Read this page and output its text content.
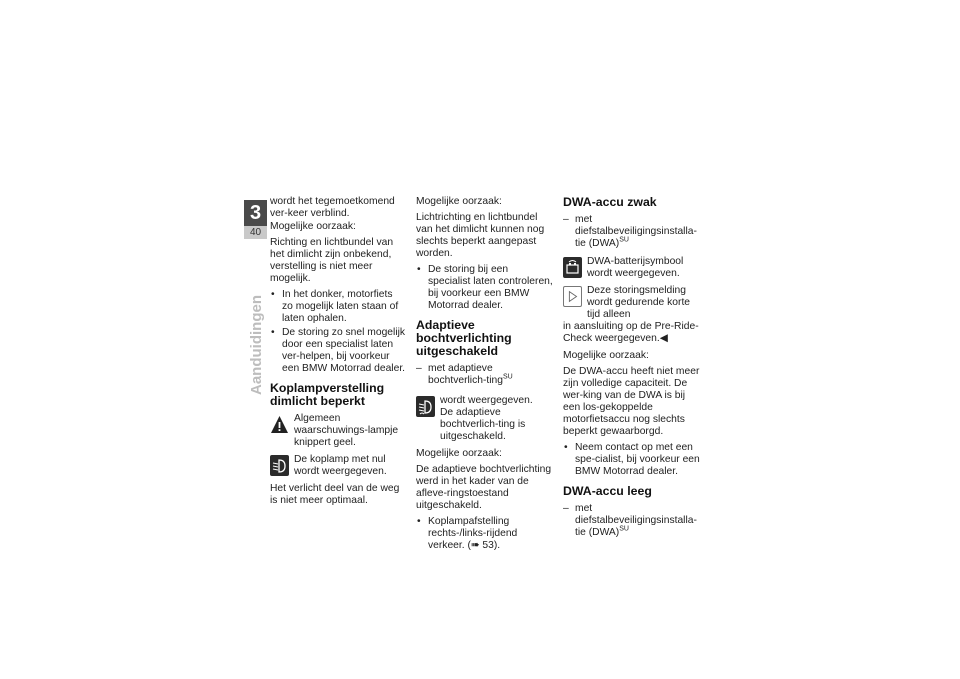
3
40
Aanduidingen

wordt het tegemoetkomend ver-keer verblind.

Mogelijke oorzaak:

Richting en lichtbundel van het dimlicht zijn onbekend, verstelling is niet meer mogelijk.

• In het donker, motorfiets zo mogelijk laten staan of laten ophalen.
• De storing zo snel mogelijk door een specialist laten ver-helpen, bij voorkeur een BMW Motorrad dealer.
Koplampverstelling dimlicht beperkt
Algemeen waarschuwings-lampje knippert geel.
De koplamp met nul wordt weergegeven.

Het verlicht deel van de weg is niet meer optimaal.

Mogelijke oorzaak:

Lichtrichting en lichtbundel van het dimlicht kunnen nog slechts beperkt aangepast worden.

• De storing bij een specialist laten controleren, bij voorkeur een BMW Motorrad dealer.
Adaptieve bochtverlichting uitgeschakeld
– met adaptieve bochtverlich-ting$^{SU}$
wordt weergegeven.
De adaptieve bochtverlich-ting is uitgeschakeld.

Mogelijke oorzaak:

De adaptieve bochtverlichting werd in het kader van de afleve-ringstoestand uitgeschakeld.

• Koplampafstelling rechts-/links-rijdend verkeer. (➠ 53).
DWA-accu zwak
– met diefstalbeveiligingsinstalla-tie (DWA)$^{SU}$
DWA-batterijsymbool wordt weergegeven.
Deze storingsmelding wordt gedurende korte tijd alleen
in aansluiting op de Pre-Ride-Check weergegeven.◀

Mogelijke oorzaak:

De DWA-accu heeft niet meer zijn volledige capaciteit. De wer-king van de DWA is bij een los-gekoppelde motorfietsaccu nog slechts beperkt gewaarborgd.

• Neem contact op met een spe-cialist, bij voorkeur een BMW Motorrad dealer.
DWA-accu leeg
– met diefstalbeveiligingsinstalla-tie (DWA)$^{SU}$
